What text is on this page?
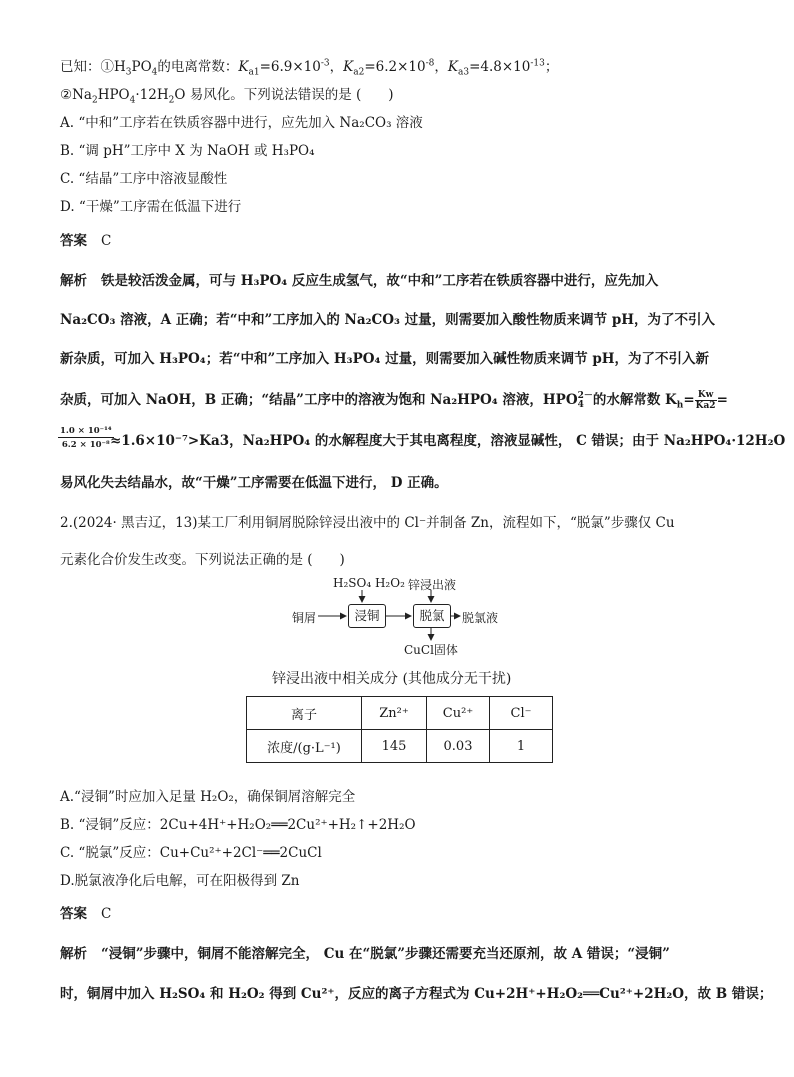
已知：$①H_3PO_4$的电离常数：$K_{a1}=6.9\times 10^{-3}$，$K_{a2}=6.2\times 10^{-8}$，$K_{a3}=4.8\times 10^{-13}$；
$②Na_2HPO_4\cdot 12H_2O$ 易风化。下列说法错误的是 (　　)
A. “中和”工序若在铁质容器中进行，应先加入 Na₂CO₃ 溶液
B. “调 pH”工序中 X 为 NaOH 或 H₃PO₄
C. “结晶”工序中溶液显酸性
D. “干燥”工序需在低温下进行
答案 C
解析 铁是较活泼金属，可与 H₃PO₄ 反应生成氢气，故“中和”工序若在铁质容器中进行，应先加入
Na₂CO₃ 溶液，A 正确；若“中和”工序加入的 Na₂CO₃ 过量，则需要加入酸性物质来调节 pH，为了不引入
新杂质，可加入 H₃PO₄；若“中和”工序加入 H₃PO₄ 过量，则需要加入碱性物质来调节 pH，为了不引入新
杂质，可加入 NaOH，B 正确；“结晶”工序中的溶液为饱和 Na₂HPO₄ 溶液，HPO 2－
4 的水解常数 $K_h= \frac{Kw}{Ka2}$ =
$\frac{\text{1.0 × 10⁻¹⁴}}{\text{6.2 × 10⁻⁸}}$
≈1.6×10⁻⁷>Ka3，Na₂HPO₄ 的水解程度大于其电离程度，溶液显碱性， C 错误；由于 Na₂HPO₄·12H₂O
易风化失去结晶水，故“干燥”工序需要在低温下进行， D 正确。
2.(2024· 黑吉辽，13)某工厂利用铜屑脱除锌浸出液中的 Cl⁻并制备 Zn，流程如下，“脱氯”步骤仅 Cu
元素化合价发生改变。下列说法正确的是 (　　)
H₂SO₄ H₂O₂ 锌浸出液
铜屑	浸铜	脱氯	脱氯液
CuCl固体
锌浸出液中相关成分 (其他成分无干扰)
离子	Zn²⁺	Cu²⁺	Cl⁻
浓度/(g·L⁻¹)	145	0.03	1
A.“浸铜”时应加入足量 H₂O₂，确保铜屑溶解完全
B. “浸铜”反应：2Cu+4H⁺+H₂O₂══2Cu²⁺+H₂↑+2H₂O
C. “脱氯”反应：Cu+Cu²⁺+2Cl⁻══2CuCl
D.脱氯液净化后电解，可在阳极得到 Zn
答案 C
解析 “浸铜”步骤中，铜屑不能溶解完全， Cu 在“脱氯”步骤还需要充当还原剂，故 A 错误；“浸铜”
时，铜屑中加入 H₂SO₄ 和 H₂O₂ 得到 Cu²⁺，反应的离子方程式为 Cu+2H⁺+H₂O₂══Cu²⁺+2H₂O，故 B 错误；
